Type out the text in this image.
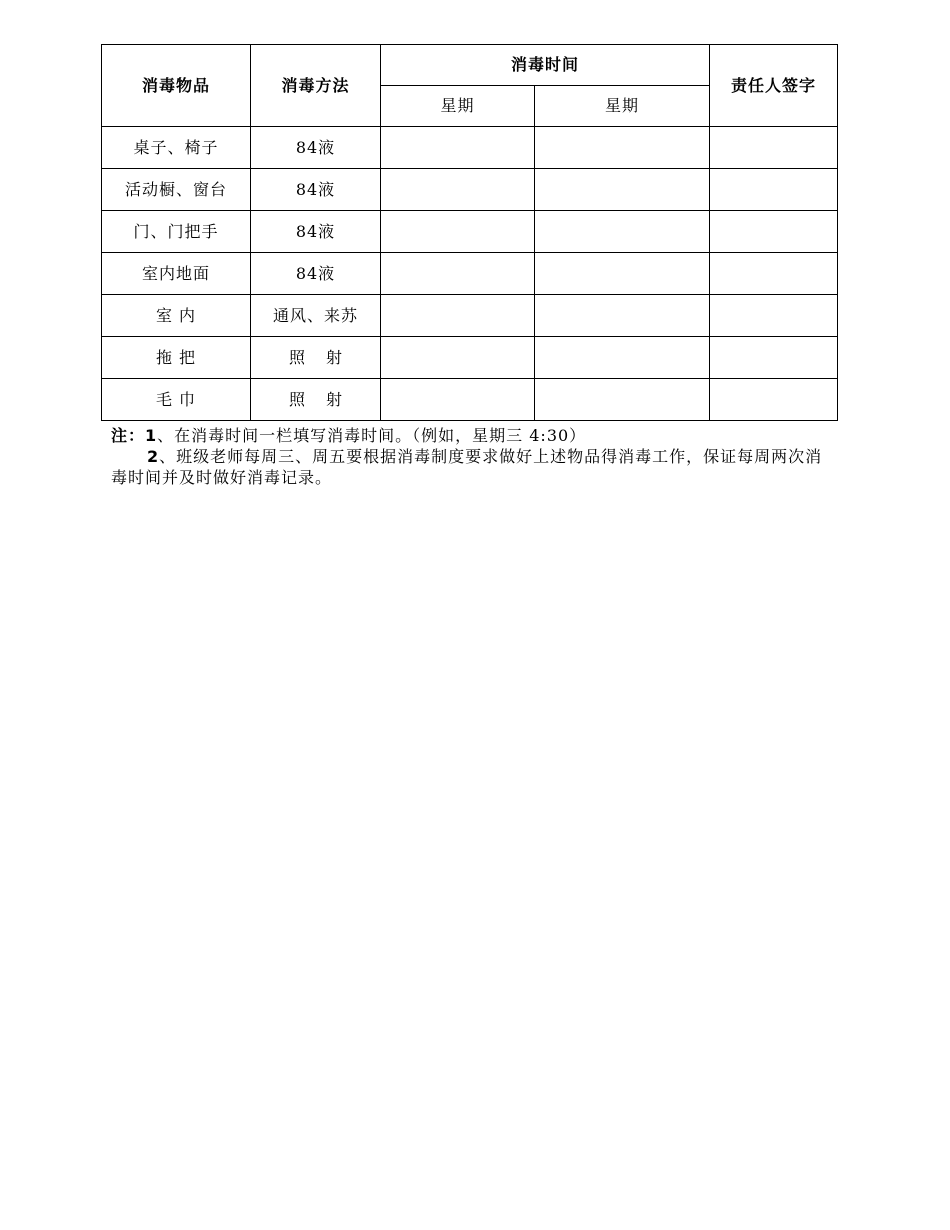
消毒物品	消毒方法	消毒时间		责任人签字
		星期	星期	
桌子、椅子	84液			
活动橱、窗台	84液			
门、门把手	84液			
室内地面	84液			
室 内	通风、来苏			
拖 把	照 射			
毛 巾	照 射			

注：1、在消毒时间一栏填写消毒时间。（例如，星期三 4:30）

2、班级老师每周三、周五要根据消毒制度要求做好上述物品得消毒工作，保证每周两次消毒时间并及时做好消毒记录。
